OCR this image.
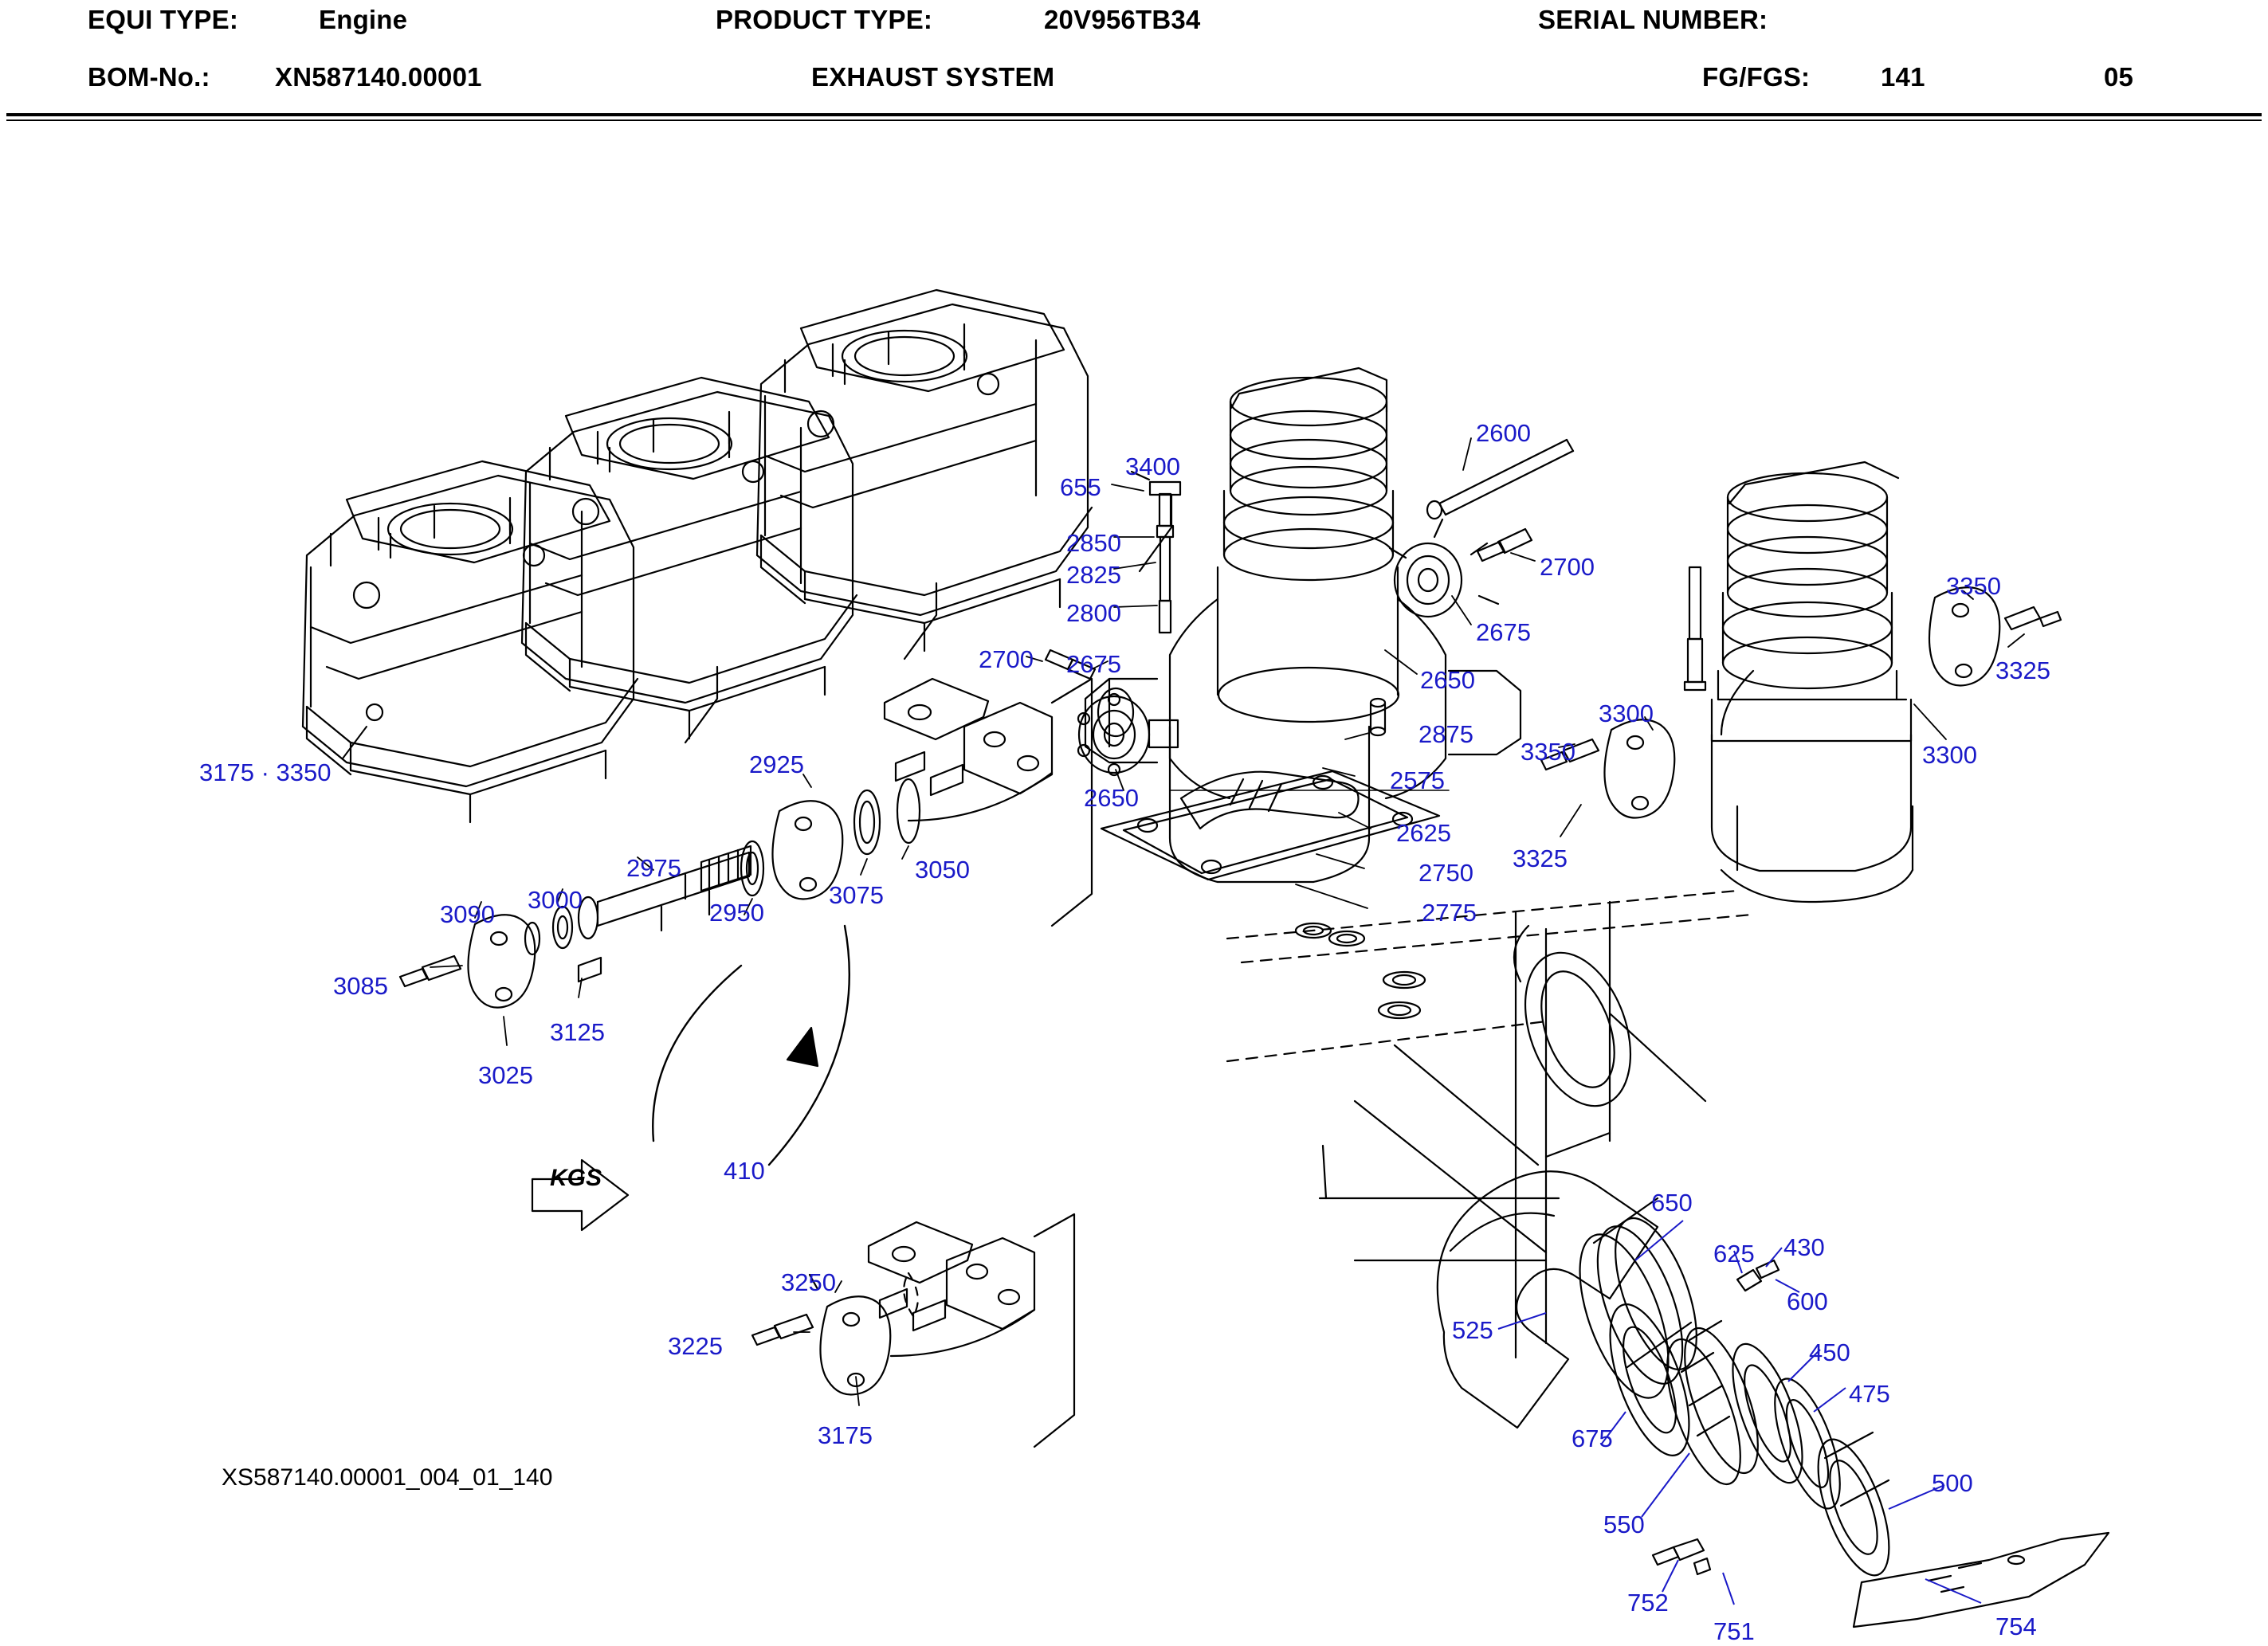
EQUI TYPE:	Engine	PRODUCT TYPE:	20V956TB34	SERIAL NUMBER:
BOM-No.: XN587140.00001	EXHAUST SYSTEM	FG/FGS:	141	05
3400
2600
655
2850
2825
2800
2700
2675
2650
2700 2675
2875
2575
2650
2625
2750
2775
3350
3325
3300
3350	3300
3325
3175 · 3350	2925
3050
3075
2975
2950
3000
3090
3085
3125
3025
410
3250
3225
3175
650
625 430
600
525
450
475
675
500
550
752
751	754
KGS
XS587140.00001_004_01_140
